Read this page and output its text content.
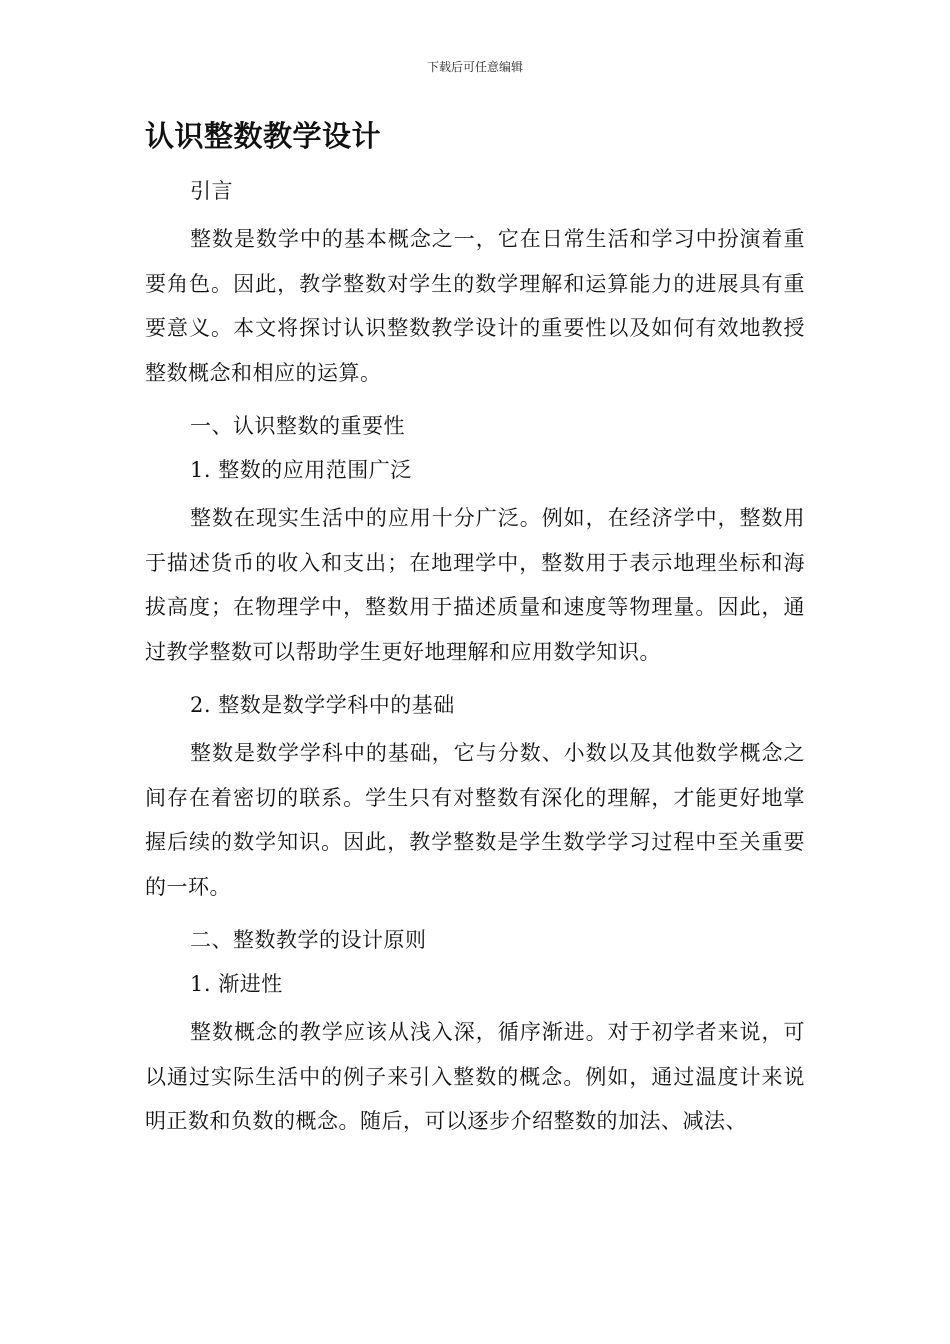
下载后可任意编辑
认识整数教学设计
引言
整数是数学中的基本概念之一，它在日常生活和学习中扮演着重要角色。因此，教学整数对学生的数学理解和运算能力的进展具有重要意义。本文将探讨认识整数教学设计的重要性以及如何有效地教授整数概念和相应的运算。
一、认识整数的重要性
1. 整数的应用范围广泛
整数在现实生活中的应用十分广泛。例如，在经济学中，整数用于描述货币的收入和支出；在地理学中，整数用于表示地理坐标和海拔高度；在物理学中，整数用于描述质量和速度等物理量。因此，通过教学整数可以帮助学生更好地理解和应用数学知识。
2. 整数是数学学科中的基础
整数是数学学科中的基础，它与分数、小数以及其他数学概念之间存在着密切的联系。学生只有对整数有深化的理解，才能更好地掌握后续的数学知识。因此，教学整数是学生数学学习过程中至关重要的一环。
二、整数教学的设计原则
1. 渐进性
整数概念的教学应该从浅入深，循序渐进。对于初学者来说，可以通过实际生活中的例子来引入整数的概念。例如，通过温度计来说明正数和负数的概念。随后，可以逐步介绍整数的加法、减法、
